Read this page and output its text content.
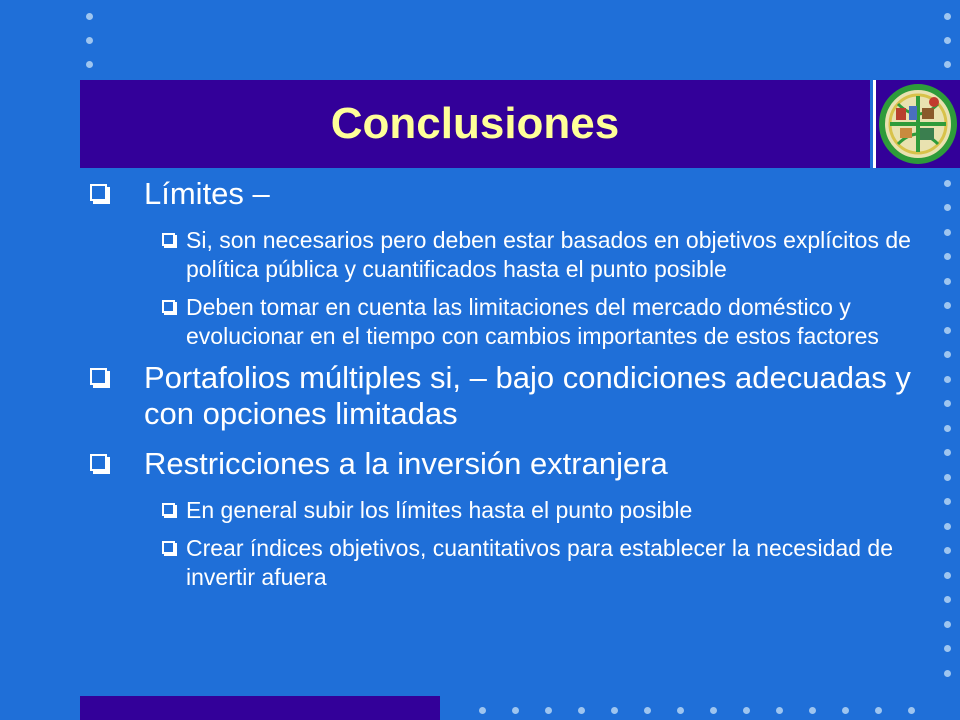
Conclusiones
Límites –
Si, son necesarios pero deben estar basados en objetivos explícitos de política pública y cuantificados hasta el punto posible
Deben tomar en cuenta las limitaciones del mercado doméstico y evolucionar en el tiempo con cambios importantes de estos factores
Portafolios múltiples si, – bajo condiciones adecuadas y con opciones limitadas
Restricciones a la inversión extranjera
En general subir los límites hasta el punto posible
Crear índices objetivos, cuantitativos para establecer la necesidad de invertir afuera
